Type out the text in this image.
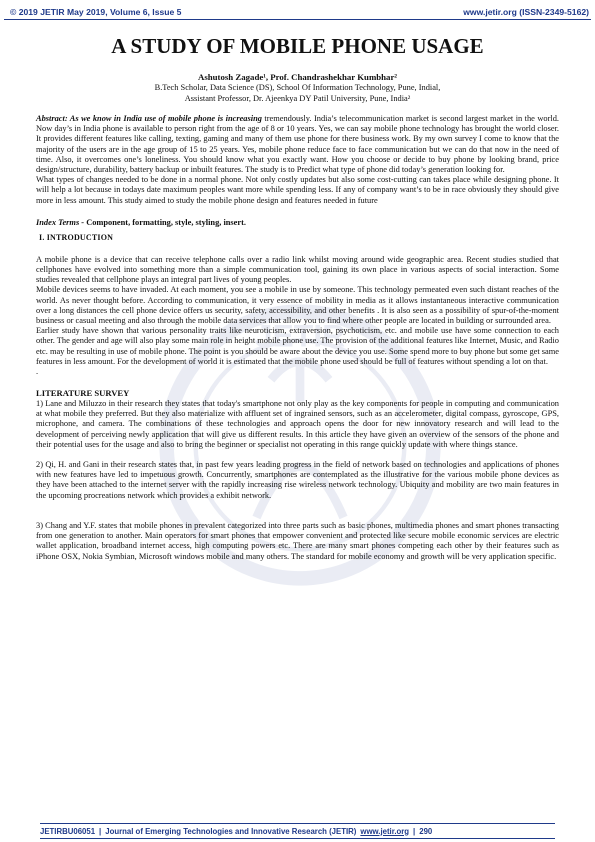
© 2019 JETIR May 2019, Volume 6, Issue 5	www.jetir.org (ISSN-2349-5162)
JETIR
A STUDY OF MOBILE PHONE USAGE
Ashutosh Zagade¹, Prof. Chandrashekhar Kumbhar²
B.Tech Scholar, Data Science (DS), School Of Information Technology, Pune, Indial,
Assistant Professor, Dr. Ajeenkya DY Patil University, Pune, India²

Abstract: As we know in India use of mobile phone is increasing tremendously. India’s telecommunication market is second largest market in the world. Now day’s in India phone is available to person right from the age of 8 or 10 years. Yes, we can say mobile phone technology has brought the world closer. It provides different features like calling, texting, gaming and many of them use phone for there business work. By my own survey I come to know that the majority of the users are in the age group of 15 to 25 years. Yes, mobile phone reduce face to face communication but we can do that now in the need of time. Also, it overcomes one’s loneliness. You should know what you exactly want. How you choose or decide to buy phone by looking brand, price design/structure, durability, battery backup or inbuilt features. The study is to Predict what type of phone did today’s generation looking for.

What types of changes needed to be done in a normal phone. Not only costly updates but also some cost-cutting can takes place while designing phone. It will help a lot because in todays date maximum peoples want more while spending less. If any of company want’s to be in race obviously they should give more in less amount. This study aimed to study the mobile phone design and features needed in future

Index Terms - Component, formatting, style, styling, insert.
I. INTRODUCTION

A mobile phone is a device that can receive telephone calls over a radio link whilst moving around wide geographic area. Recent studies studied that cellphones have evolved into something more than a simple communication tool, gaining its own place in various aspects of social interaction. Some studies revealed that cellphone plays an integral part lives of young peoples.

Mobile devices seems to have invaded. At each moment, you see a mobile in use by someone. This technology permeated even such distant reaches of the world. As never thought before. According to communication, it very essence of mobility in media as it allows instantaneous interactive communication over a long distances the cell phone device offers us security, safety, accessibility, and other benefits . It is also seen as a possibility of spur-of-the-moment business or casual meeting and also through the mobile data services that allow you to find where other people are located in building or surrounded area.

Earlier study have shown that various personality traits like neuroticism, extraversion, psychoticism, etc. and mobile use have some connection to each other. The gender and age will also play some main role in height mobile phone use. The provision of the additional features like Internet, Music, and Radio etc. may be resulting in use of mobile phone. The point is you should be aware about the device you use. Some spend more to buy phone but some get same features in less amount. For the development of world it is estimated that the mobile phone used should be full of features without spending a lot on that.

.
LITERATURE SURVEY

1) Lane and Miluzzo in their research they states that today's smartphone not only play as the key components for people in computing and communication at what mobile they preferred. But they also materialize with affluent set of ingrained sensors, such as an accelerometer, digital compass, gyroscope, GPS, microphone, and camera. The combinations of these technologies and approach opens the door for new innovatory research and will lead to the development of perceiving newly application that will give us different results. In this article they have given an overview of the sensors of the phone and their potential uses for the usage and also to bring the beginner or specialist not operating in this range quickly update with where things stance.

2) Qi, H. and Gani in their research states that, in past few years leading progress in the field of network based on technologies and applications of phones with new features have led to impetuous growth. Concurrently, smartphones are contemplated as the illustrative for the various mobile phone devices as they have been attached to the internet server with the rapidly increasing rise wireless network technology. Ubiquity and mobility are two main features in the upcoming procreations network which provides a exhibit network.

3) Chang and Y.F. states that mobile phones in prevalent categorized into three parts such as basic phones, multimedia phones and smart phones transacting from one generation to another. Main operators for smart phones that empower convenient and protected like secure mobile economic services are electric wallet application, broadband internet access, high computing powers etc. There are many smart phones competing each other by their features such as iPhone OSX, Nokia Symbian, Microsoft windows mobile and many others. The standard for mobile economy and growth will be very application specific.

JETIRBU06051 | Journal of Emerging Technologies and Innovative Research (JETIR) www.jetir.org | 290
